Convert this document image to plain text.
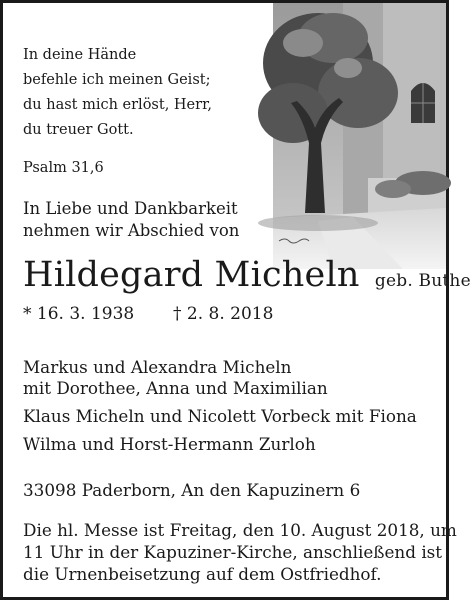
In deine Hände
befehle ich meinen Geist;
du hast mich erlöst, Herr,
du treuer Gott.
Psalm 31,6
In Liebe und Dankbarkeit
nehmen wir Abschied von
Hildegard Micheln geb. Buthe
* 16. 3. 1938 † 2. 8. 2018
Markus und Alexandra Micheln
mit Dorothee, Anna und Maximilian
Klaus Micheln und Nicolett Vorbeck mit Fiona
Wilma und Horst-Hermann Zurloh
33098 Paderborn, An den Kapuzinern 6
Die hl. Messe ist Freitag, den 10. August 2018, um
11 Uhr in der Kapuziner-Kirche, anschließend ist
die Urnenbeisetzung auf dem Ostfriedhof.
